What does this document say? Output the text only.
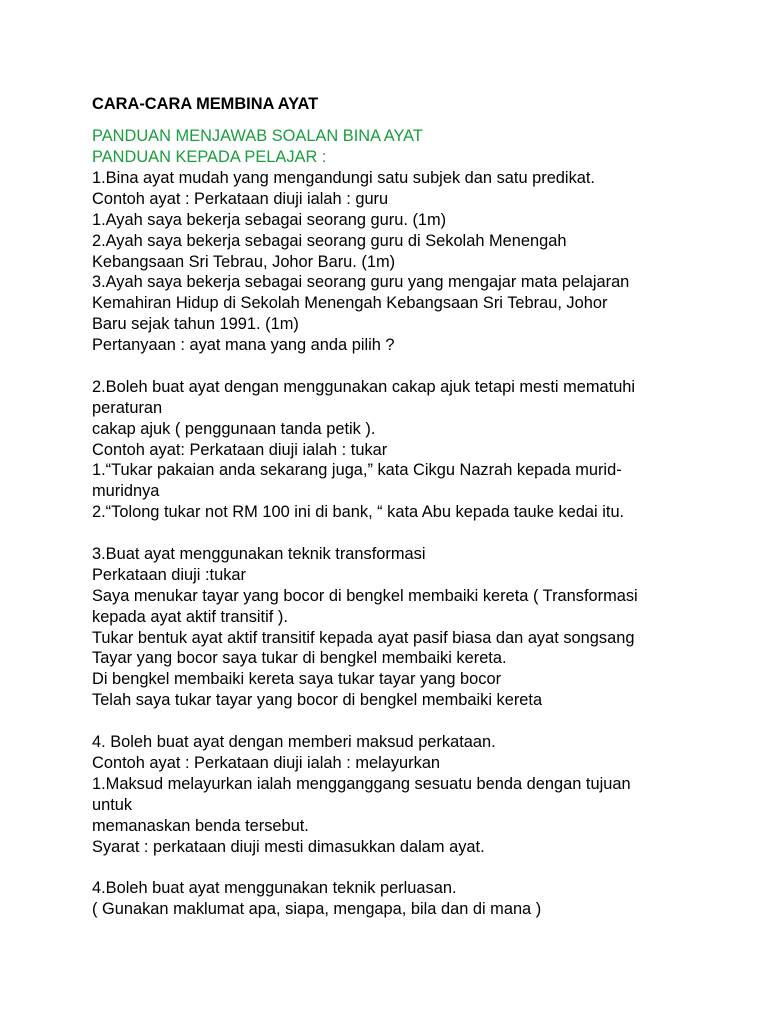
CARA-CARA MEMBINA AYAT
PANDUAN MENJAWAB SOALAN BINA AYAT
PANDUAN KEPADA PELAJAR :
1.Bina ayat mudah yang mengandungi satu subjek dan satu predikat.
Contoh ayat : Perkataan diuji ialah : guru
1.Ayah saya bekerja sebagai seorang guru. (1m)
2.Ayah saya bekerja sebagai seorang guru di Sekolah Menengah
Kebangsaan Sri Tebrau, Johor Baru. (1m)
3.Ayah saya bekerja sebagai seorang guru yang mengajar mata pelajaran
Kemahiran Hidup di Sekolah Menengah Kebangsaan Sri Tebrau, Johor
Baru sejak tahun 1991. (1m)
Pertanyaan : ayat mana yang anda pilih ?
2.Boleh buat ayat dengan menggunakan cakap ajuk tetapi mesti mematuhi
peraturan
cakap ajuk ( penggunaan tanda petik ).
Contoh ayat: Perkataan diuji ialah : tukar
1.“Tukar pakaian anda sekarang juga,” kata Cikgu Nazrah kepada murid-
muridnya
2.“Tolong tukar not RM 100 ini di bank, “ kata Abu kepada tauke kedai itu.
3.Buat ayat menggunakan teknik transformasi
Perkataan diuji :tukar
Saya menukar tayar yang bocor di bengkel membaiki kereta ( Transformasi
kepada ayat aktif transitif ).
Tukar bentuk ayat aktif transitif kepada ayat pasif biasa dan ayat songsang
Tayar yang bocor saya tukar di bengkel membaiki kereta.
Di bengkel membaiki kereta saya tukar tayar yang bocor
Telah saya tukar tayar yang bocor di bengkel membaiki kereta
4. Boleh buat ayat dengan memberi maksud perkataan.
Contoh ayat : Perkataan diuji ialah : melayurkan
1.Maksud melayurkan ialah mengganggang sesuatu benda dengan tujuan
untuk
memanaskan benda tersebut.
Syarat : perkataan diuji mesti dimasukkan dalam ayat.
4.Boleh buat ayat menggunakan teknik perluasan.
( Gunakan maklumat apa, siapa, mengapa, bila dan di mana )
